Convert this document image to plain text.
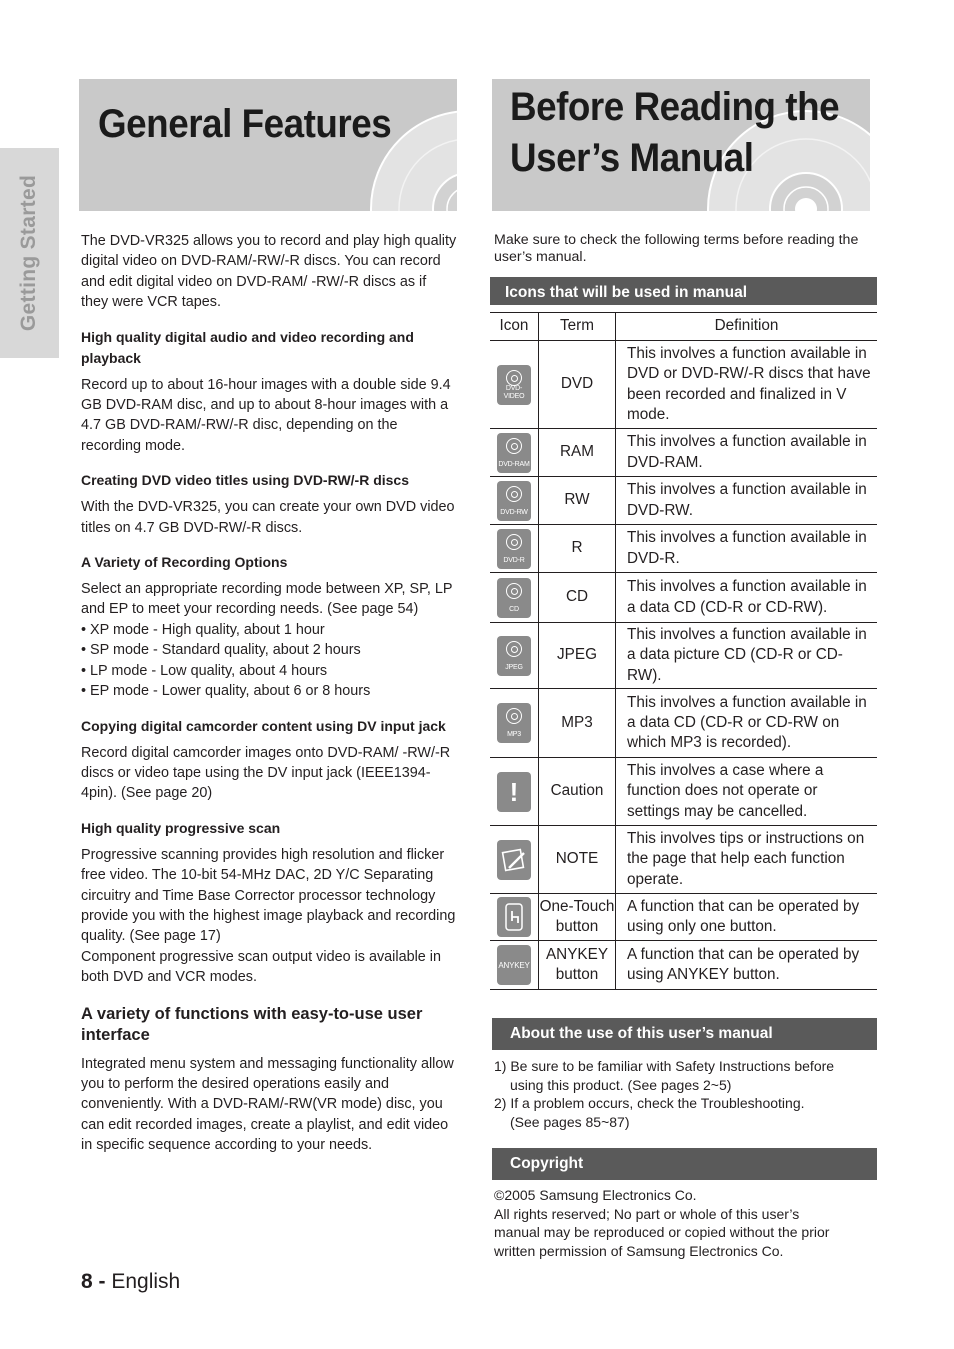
Getting Started
General Features	Before Reading the
User’s Manual

The DVD-VR325 allows you to record and play high quality digital video on DVD-RAM/-RW/-R discs. You can record and edit digital video on DVD-RAM/ -RW/-R discs as if they were VCR tapes.

High quality digital audio and video recording and playback

Record up to about 16-hour images with a double side 9.4 GB DVD-RAM disc, and up to about 8-hour images with a 4.7 GB DVD-RAM/-RW/-R disc, depending on the recording mode.

Creating DVD video titles using DVD-RW/-R discs

With the DVD-VR325, you can create your own DVD video titles on 4.7 GB DVD-RW/-R discs.

A Variety of Recording Options

Select an appropriate recording mode between XP, SP, LP and EP to meet your recording needs. (See page 54)

• XP mode - High quality, about 1 hour

• SP mode - Standard quality, about 2 hours

• LP mode - Low quality, about 4 hours

• EP mode - Lower quality, about 6 or 8 hours

Copying digital camcorder content using DV input jack

Record digital camcorder images onto DVD-RAM/ -RW/-R discs or video tape using the DV input jack (IEEE1394-4pin). (See page 20)

High quality progressive scan

Progressive scanning provides high resolution and flicker free video. The 10-bit 54-MHz DAC, 2D Y/C Separating circuitry and Time Base Corrector processor technology provide you with the highest image playback and recording quality. (See page 17)

Component progressive scan output video is available in both DVD and VCR modes.

A variety of functions with easy-to-use user interface

Integrated menu system and messaging functionality allow you to perform the desired operations easily and conveniently. With a DVD-RAM/-RW(VR mode) disc, you can edit recorded images, create a playlist, and edit video in specific sequence according to your needs.

Make sure to check the following terms before reading the user’s manual.

Icons that will be used in manual
Icon	Term	Definition

DVD-VIDEO	DVD	This involves a function available in DVD or DVD-RW/-R discs that have been recorded and finalized in V mode.

DVD-RAM	RAM	This involves a function available in DVD-RAM.

DVD-RW	RW	This involves a function available in DVD-RW.

DVD-R	R	This involves a function available in DVD-R.

CD	CD	This involves a function available in a data CD (CD-R or CD-RW).

JPEG	JPEG	This involves a function available in a data picture CD (CD-R or CD-RW).

MP3	MP3	This involves a function available in a data CD (CD-R or CD-RW on which MP3 is recorded).

!	Caution	This involves a case where a function does not operate or settings may be cancelled.
	NOTE	This involves tips or instructions on the page that help each function operate.
	One-Touch button	A function that can be operated by using only one button.

ANYKEY	ANYKEY button	A function that can be operated by using ANYKEY button.
About the use of this user’s manual

1) Be sure to be familiar with Safety Instructions before

using this product. (See pages 2~5)

2) If a problem occurs, check the Troubleshooting.

(See pages 85~87)

Copyright

©2005 Samsung Electronics Co.

All rights reserved; No part or whole of this user’s manual may be reproduced or copied without the prior written permission of Samsung Electronics Co.

8 - English
